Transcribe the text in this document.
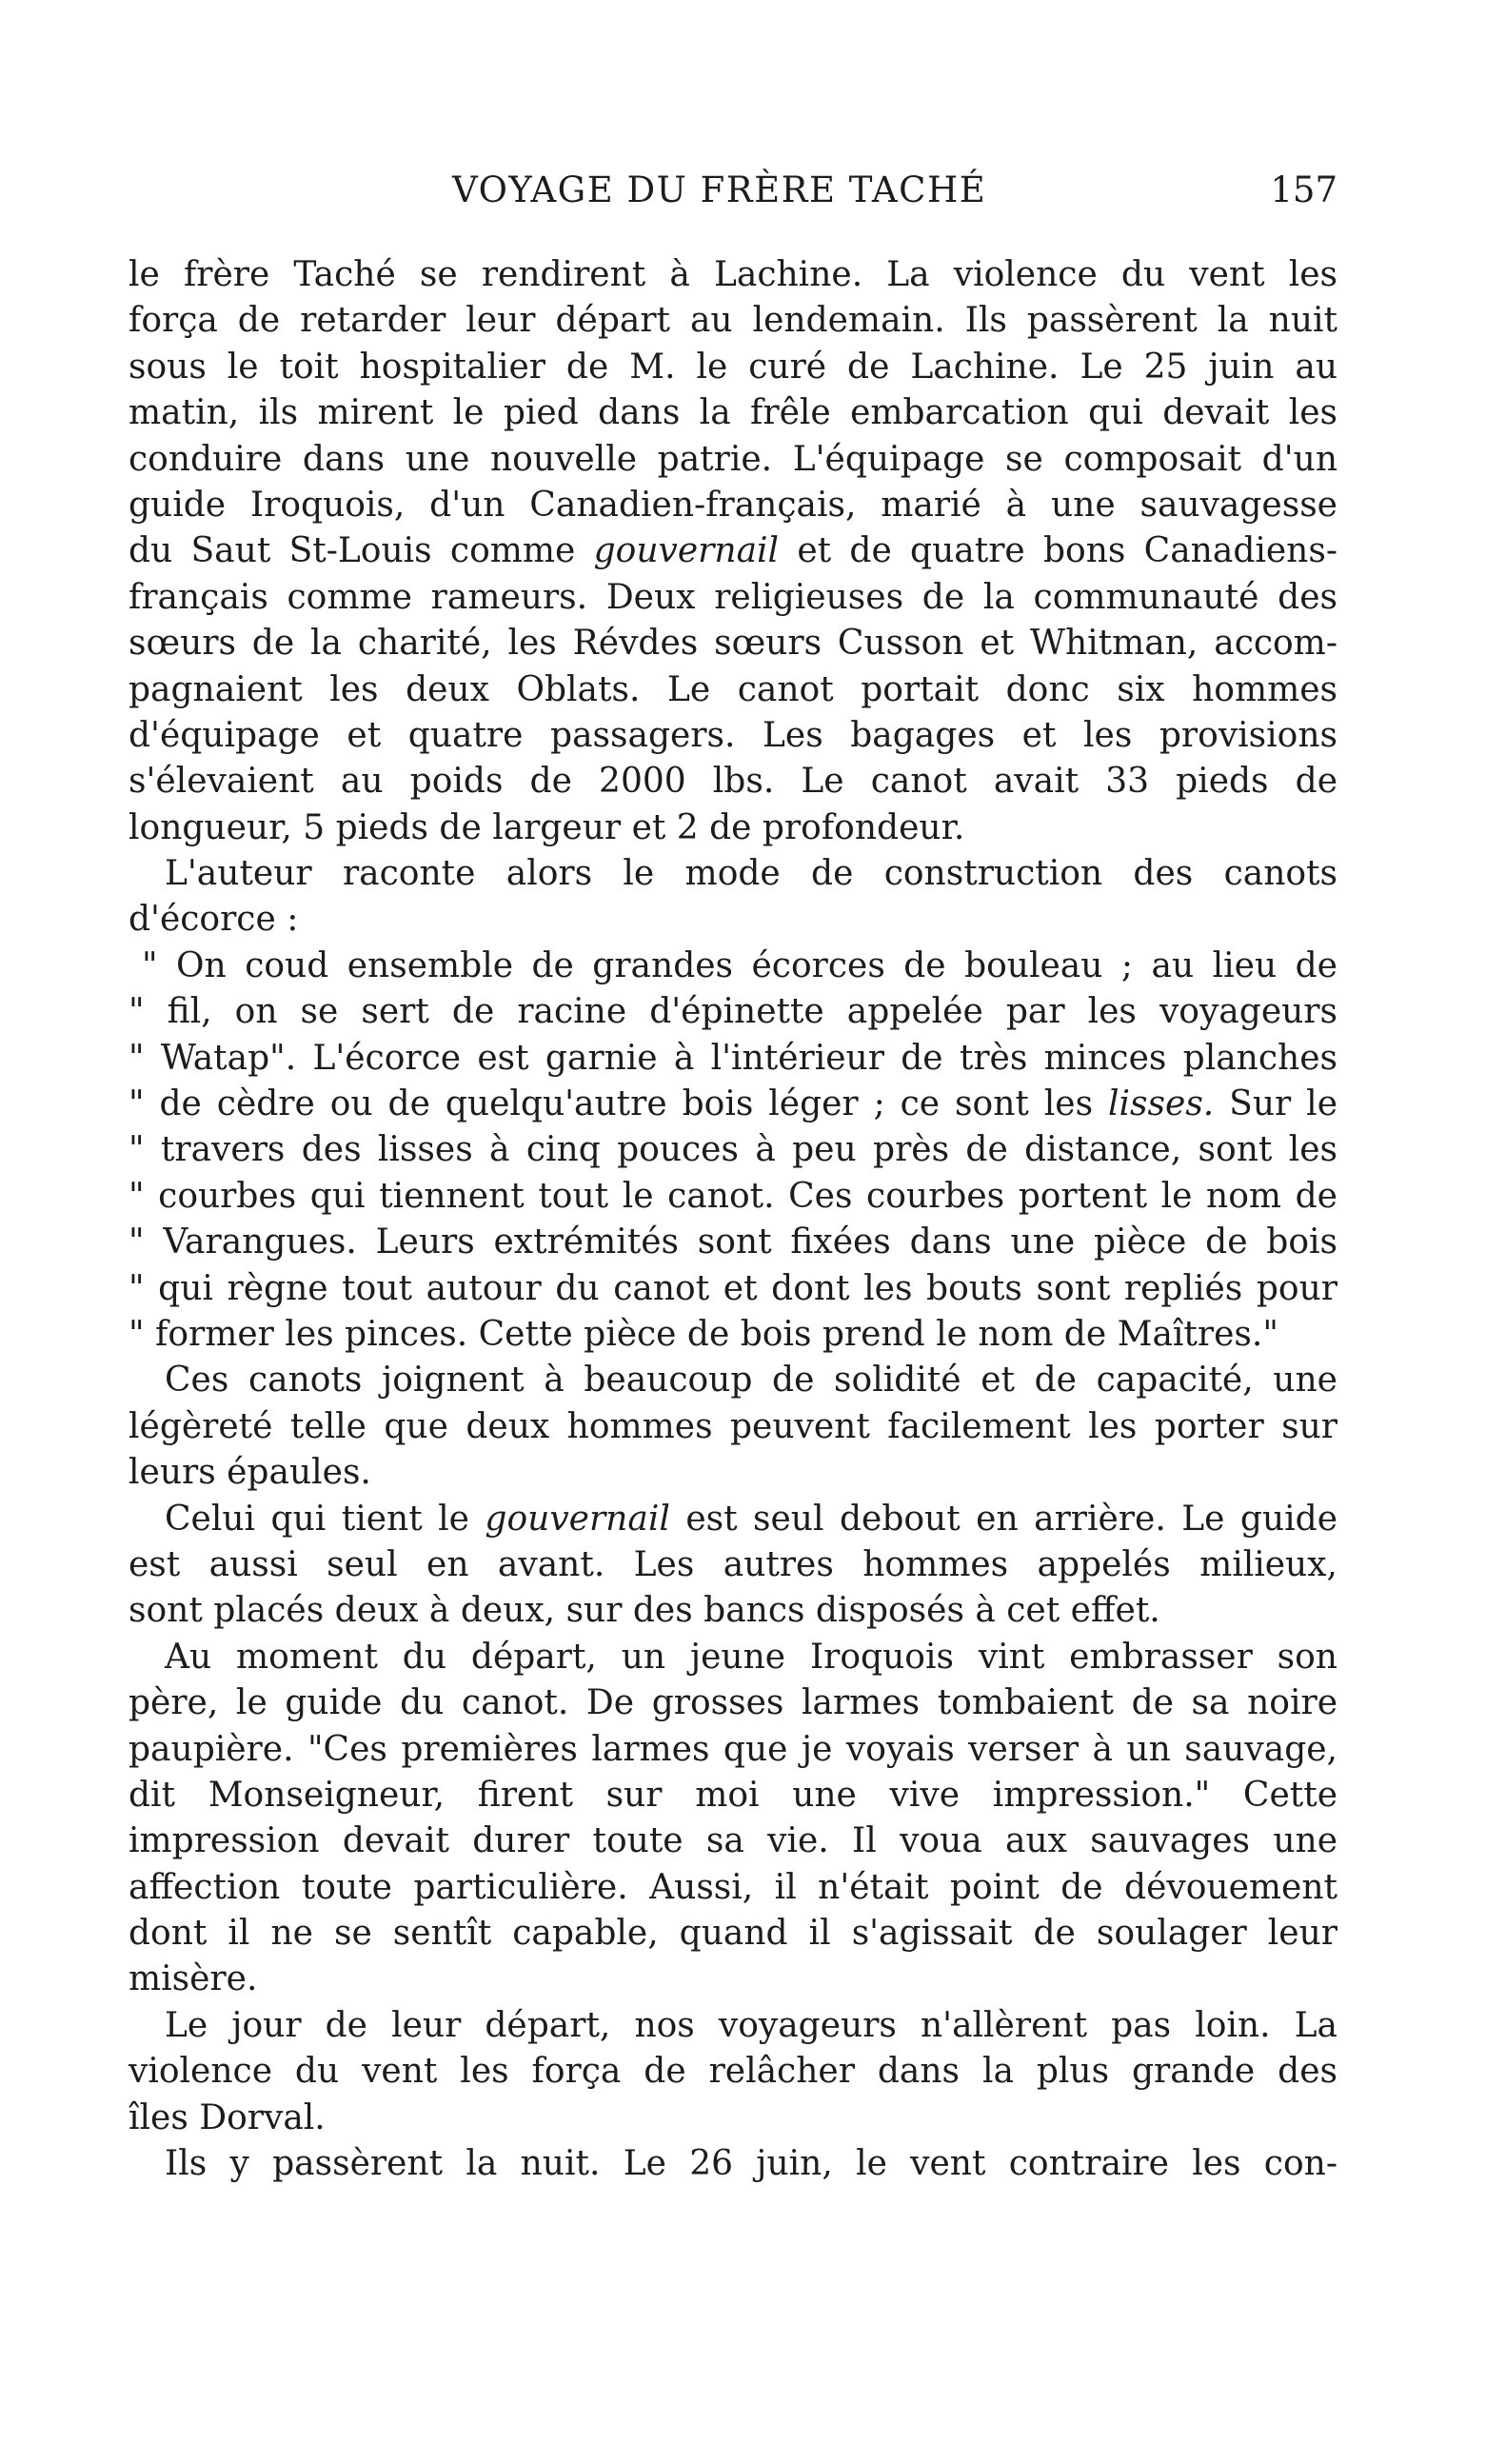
VOYAGE DU FRÈRE TACHÉ	157
le frère Taché se rendirent à Lachine. La violence du vent les
força de retarder leur départ au lendemain. Ils passèrent la nuit
sous le toit hospitalier de M. le curé de Lachine. Le 25 juin au
matin, ils mirent le pied dans la frêle embarcation qui devait les
conduire dans une nouvelle patrie. L'équipage se composait d'un
guide Iroquois, d'un Canadien-français, marié à une sauvagesse
du Saut St-Louis comme gouvernail et de quatre bons Canadiens-
français comme rameurs. Deux religieuses de la communauté des
sœurs de la charité, les Révdes sœurs Cusson et Whitman, accom-
pagnaient les deux Oblats. Le canot portait donc six hommes
d'équipage et quatre passagers. Les bagages et les provisions
s'élevaient au poids de 2000 lbs. Le canot avait 33 pieds de
longueur, 5 pieds de largeur et 2 de profondeur.
L'auteur raconte alors le mode de construction des canots
d'écorce :
" On coud ensemble de grandes écorces de bouleau ; au lieu de
" fil, on se sert de racine d'épinette appelée par les voyageurs
" Watap". L'écorce est garnie à l'intérieur de très minces planches
" de cèdre ou de quelqu'autre bois léger ; ce sont les lisses. Sur le
" travers des lisses à cinq pouces à peu près de distance, sont les
" courbes qui tiennent tout le canot. Ces courbes portent le nom de
" Varangues. Leurs extrémités sont fixées dans une pièce de bois
" qui règne tout autour du canot et dont les bouts sont repliés pour
" former les pinces. Cette pièce de bois prend le nom de Maîtres."
Ces canots joignent à beaucoup de solidité et de capacité, une
légèreté telle que deux hommes peuvent facilement les porter sur
leurs épaules.
Celui qui tient le gouvernail est seul debout en arrière. Le guide
est aussi seul en avant. Les autres hommes appelés milieux,
sont placés deux à deux, sur des bancs disposés à cet effet.
Au moment du départ, un jeune Iroquois vint embrasser son
père, le guide du canot. De grosses larmes tombaient de sa noire
paupière. "Ces premières larmes que je voyais verser à un sauvage,
dit Monseigneur, firent sur moi une vive impression." Cette
impression devait durer toute sa vie. Il voua aux sauvages une
affection toute particulière. Aussi, il n'était point de dévouement
dont il ne se sentît capable, quand il s'agissait de soulager leur
misère.
Le jour de leur départ, nos voyageurs n'allèrent pas loin. La
violence du vent les força de relâcher dans la plus grande des
îles Dorval.
Ils y passèrent la nuit. Le 26 juin, le vent contraire les con-
